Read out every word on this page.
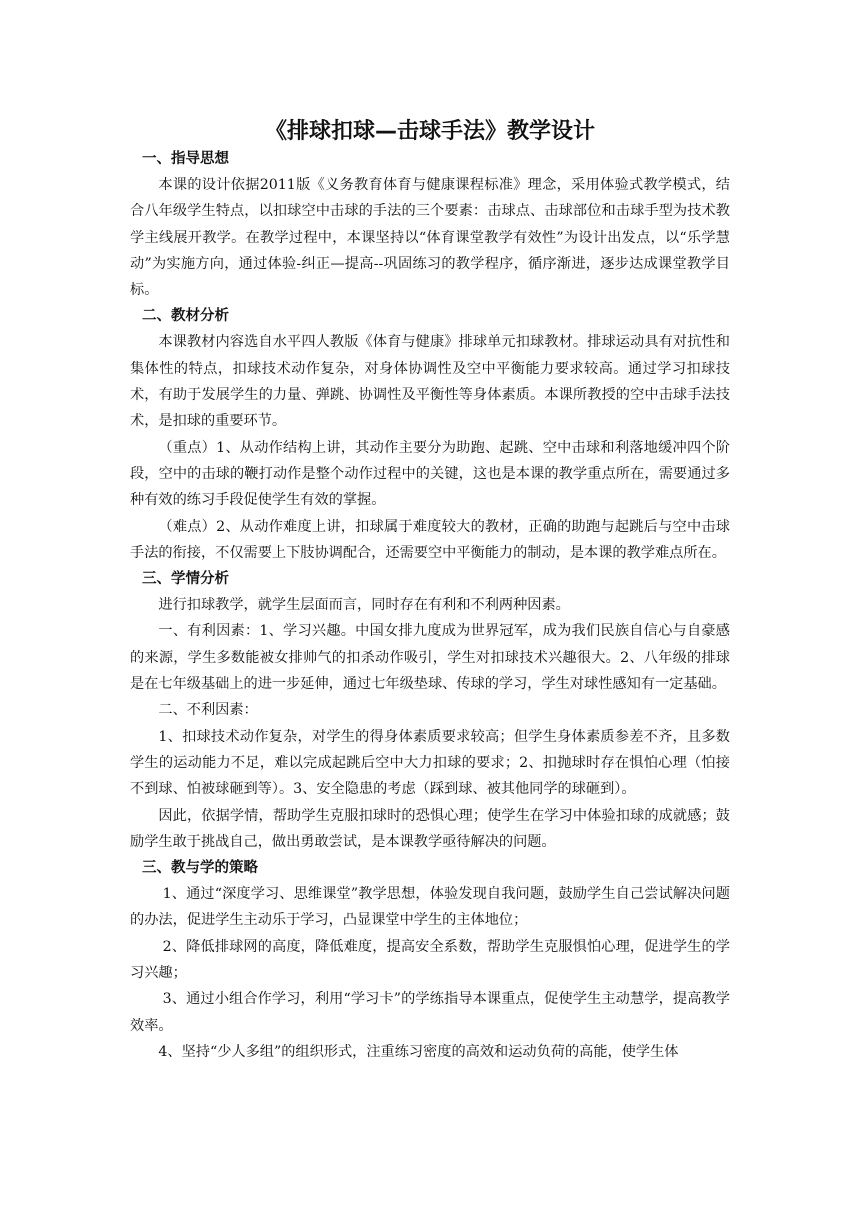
《排球扣球—击球手法》教学设计

一、指导思想

本课的设计依据2011版《义务教育体育与健康课程标准》理念，采用体验式教学模式，结合八年级学生特点，以扣球空中击球的手法的三个要素：击球点、击球部位和击球手型为技术教学主线展开教学。在教学过程中，本课坚持以“体育课堂教学有效性”为设计出发点，以“乐学慧动”为实施方向，通过体验-纠正—提高--巩固练习的教学程序，循序渐进，逐步达成课堂教学目标。

二、教材分析

本课教材内容选自水平四人教版《体育与健康》排球单元扣球教材。排球运动具有对抗性和集体性的特点，扣球技术动作复杂，对身体协调性及空中平衡能力要求较高。通过学习扣球技术，有助于发展学生的力量、弹跳、协调性及平衡性等身体素质。本课所教授的空中击球手法技术，是扣球的重要环节。

（重点）1、从动作结构上讲，其动作主要分为助跑、起跳、空中击球和利落地缓冲四个阶段，空中的击球的鞭打动作是整个动作过程中的关键，这也是本课的教学重点所在，需要通过多种有效的练习手段促使学生有效的掌握。

（难点）2、从动作难度上讲，扣球属于难度较大的教材，正确的助跑与起跳后与空中击球手法的衔接，不仅需要上下肢协调配合，还需要空中平衡能力的制动，是本课的教学难点所在。

三、学情分析

进行扣球教学，就学生层面而言，同时存在有利和不利两种因素。

一、有利因素：1、学习兴趣。中国女排九度成为世界冠军，成为我们民族自信心与自豪感的来源，学生多数能被女排帅气的扣杀动作吸引，学生对扣球技术兴趣很大。2、八年级的排球是在七年级基础上的进一步延伸，通过七年级垫球、传球的学习，学生对球性感知有一定基础。

二、不利因素：

1、扣球技术动作复杂，对学生的得身体素质要求较高；但学生身体素质参差不齐，且多数学生的运动能力不足，难以完成起跳后空中大力扣球的要求；2、扣抛球时存在惧怕心理（怕接不到球、怕被球砸到等）。3、安全隐患的考虑（踩到球、被其他同学的球砸到）。

因此，依据学情，帮助学生克服扣球时的恐惧心理；使学生在学习中体验扣球的成就感；鼓励学生敢于挑战自己，做出勇敢尝试，是本课教学亟待解决的问题。

三、教与学的策略

1、通过“深度学习、思维课堂”教学思想，体验发现自我问题，鼓励学生自己尝试解决问题的办法，促进学生主动乐于学习，凸显课堂中学生的主体地位；

2、降低排球网的高度，降低难度，提高安全系数，帮助学生克服惧怕心理，促进学生的学习兴趣；

3、通过小组合作学习，利用“学习卡”的学练指导本课重点，促使学生主动慧学，提高教学效率。

4、坚持“少人多组”的组织形式，注重练习密度的高效和运动负荷的高能，使学生体
